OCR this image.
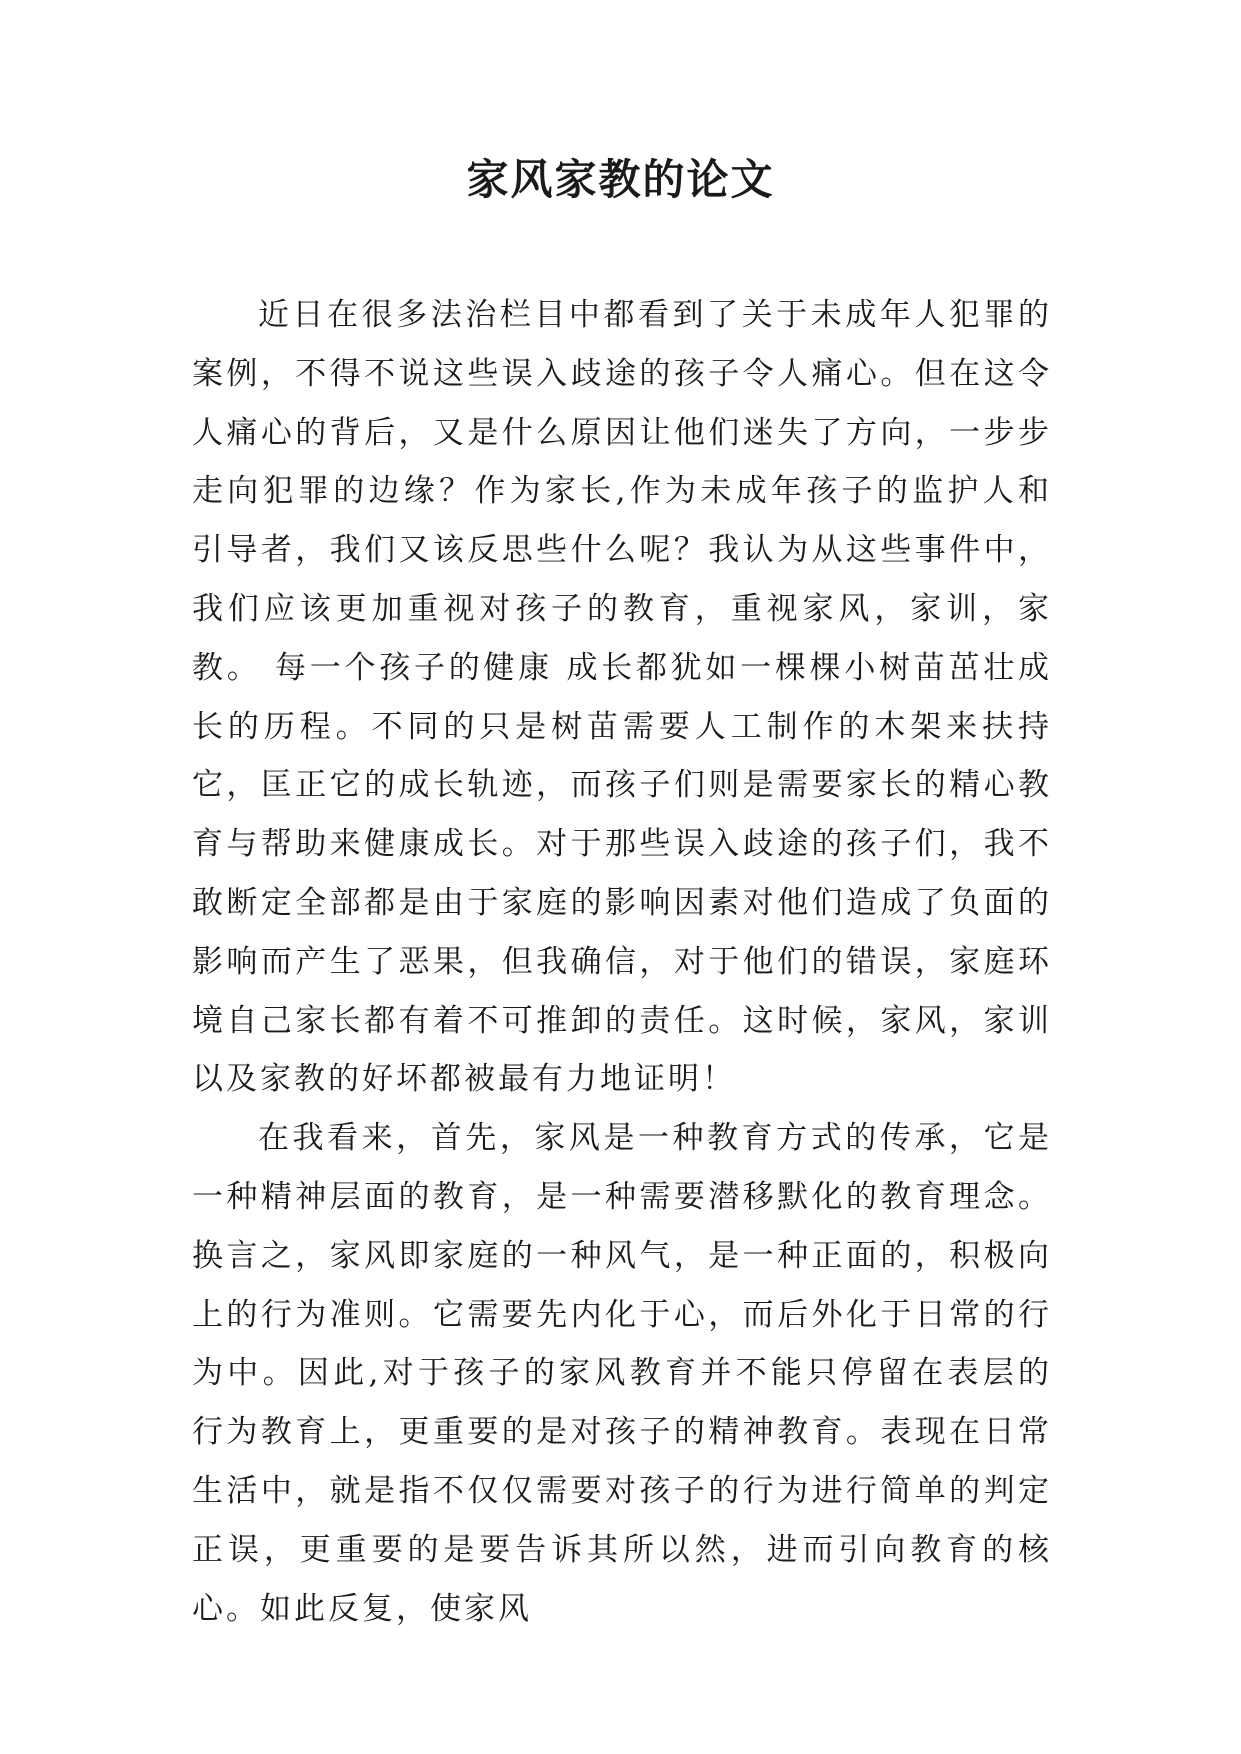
家风家教的论文

近日在很多法治栏目中都看到了关于未成年人犯罪的案例，不得不说这些误入歧途的孩子令人痛心。但在这令人痛心的背后，又是什么原因让他们迷失了方向，一步步走向犯罪的边缘？作为家长,作为未成年孩子的监护人和引导者，我们又该反思些什么呢？我认为从这些事件中，我们应该更加重视对孩子的教育，重视家风，家训，家教。 每一个孩子的健康 成长都犹如一棵棵小树苗茁壮成长的历程。不同的只是树苗需要人工制作的木架来扶持它，匡正它的成长轨迹，而孩子们则是需要家长的精心教育与帮助来健康成长。对于那些误入歧途的孩子们，我不敢断定全部都是由于家庭的影响因素对他们造成了负面的影响而产生了恶果，但我确信，对于他们的错误，家庭环境自己家长都有着不可推卸的责任。这时候，家风，家训以及家教的好坏都被最有力地证明！

在我看来，首先，家风是一种教育方式的传承，它是一种精神层面的教育，是一种需要潜移默化的教育理念。换言之，家风即家庭的一种风气，是一种正面的，积极向上的行为准则。它需要先内化于心，而后外化于日常的行为中。因此,对于孩子的家风教育并不能只停留在表层的行为教育上，更重要的是对孩子的精神教育。表现在日常生活中，就是指不仅仅需要对孩子的行为进行简单的判定正误，更重要的是要告诉其所以然，进而引向教育的核心。如此反复，使家风
